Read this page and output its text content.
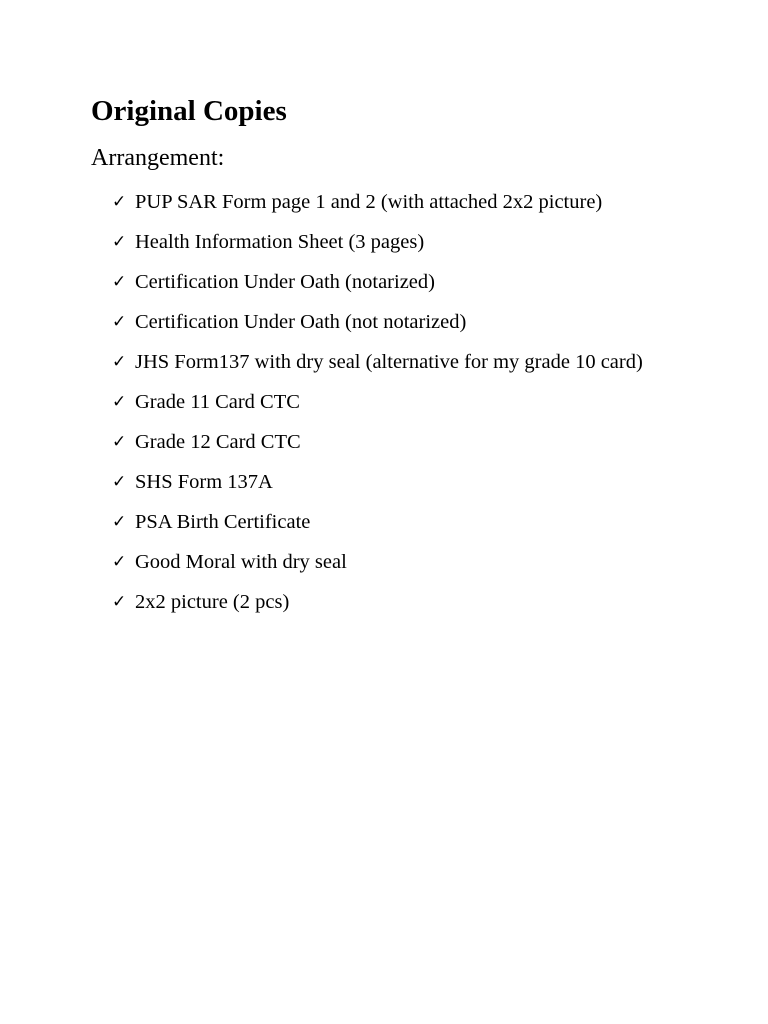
Original Copies
Arrangement:
✓ PUP SAR Form page 1 and 2 (with attached 2x2 picture)
✓ Health Information Sheet (3 pages)
✓ Certification Under Oath (notarized)
✓ Certification Under Oath (not notarized)
✓ JHS Form137 with dry seal (alternative for my grade 10 card)
✓ Grade 11 Card CTC
✓ Grade 12 Card CTC
✓ SHS Form 137A
✓ PSA Birth Certificate
✓ Good Moral with dry seal
✓ 2x2 picture (2 pcs)
